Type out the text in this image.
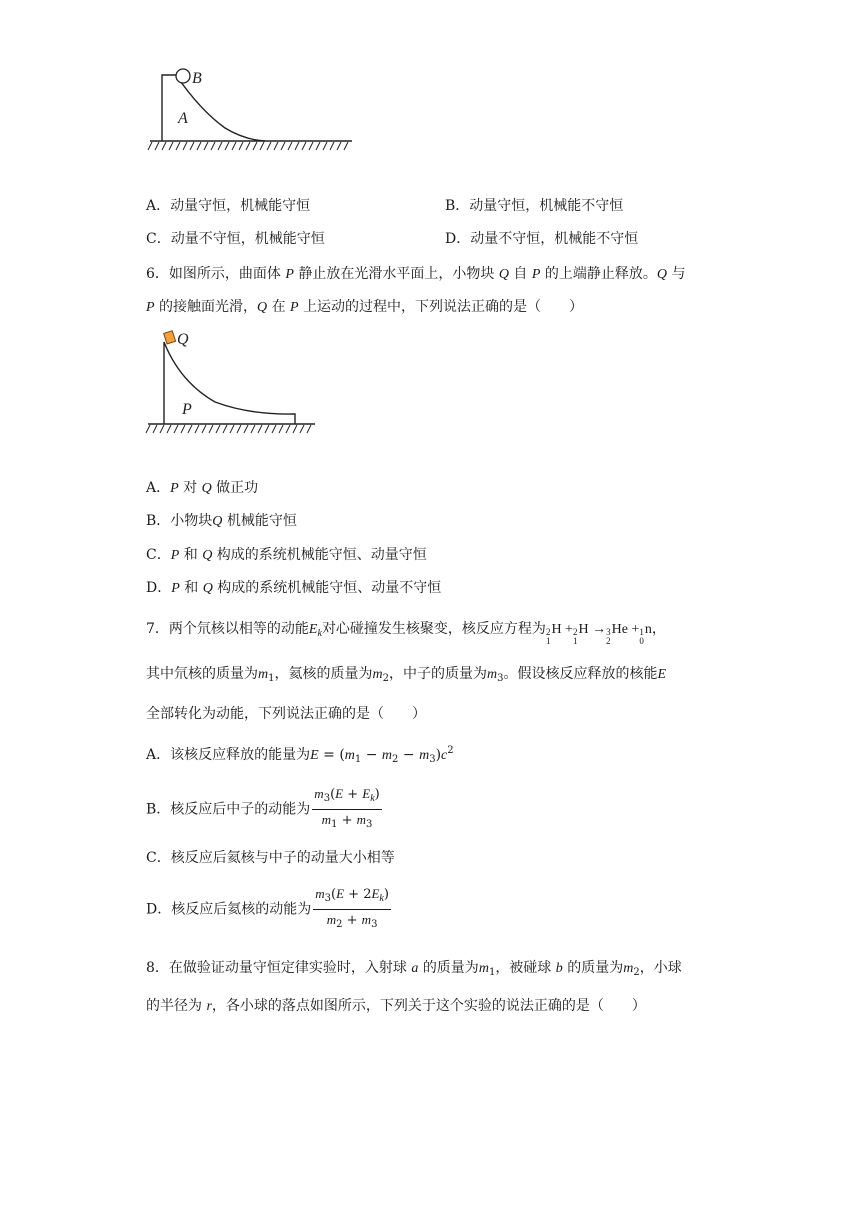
B
A
A．动量守恒，机械能守恒	B．动量守恒，机械能不守恒
C．动量不守恒，机械能守恒	D．动量不守恒，机械能不守恒
6．如图所示，曲面体 P 静止放在光滑水平面上，小物块 Q 自 P 的上端静止释放。Q 与
P 的接触面光滑，Q 在 P 上运动的过程中，下列说法正确的是（　　）
Q
P
A．P 对 Q 做正功
B．小物块Q 机械能守恒
C．P 和 Q 构成的系统机械能守恒、动量守恒
D．P 和 Q 构成的系统机械能守恒、动量不守恒
7．两个氘核以相等的动能$E_k$对心碰撞发生核聚变，核反应方程为 2
1
H + 2
1
H → 3
2
He + 1
0
n，
其中氘核的质量为$m_1$，氦核的质量为$m_2$，中子的质量为$m_3$。假设核反应释放的核能E
全部转化为动能，下列说法正确的是（　　）
A．该核反应释放的能量为$E = (m_1 - m_2 - m_3)c^2$
B．核反应后中子的动能为 $\frac{m_3(E + E_k)}{m_1 + m_3}$
C．核反应后氦核与中子的动量大小相等
D．核反应后氦核的动能为 $\frac{m_3(E + 2E_k)}{m_2 + m_3}$
8．在做验证动量守恒定律实验时，入射球 a 的质量为$m_1$，被碰球 b 的质量为$m_2$，小球
的半径为 r，各小球的落点如图所示，下列关于这个实验的说法正确的是（　　）
